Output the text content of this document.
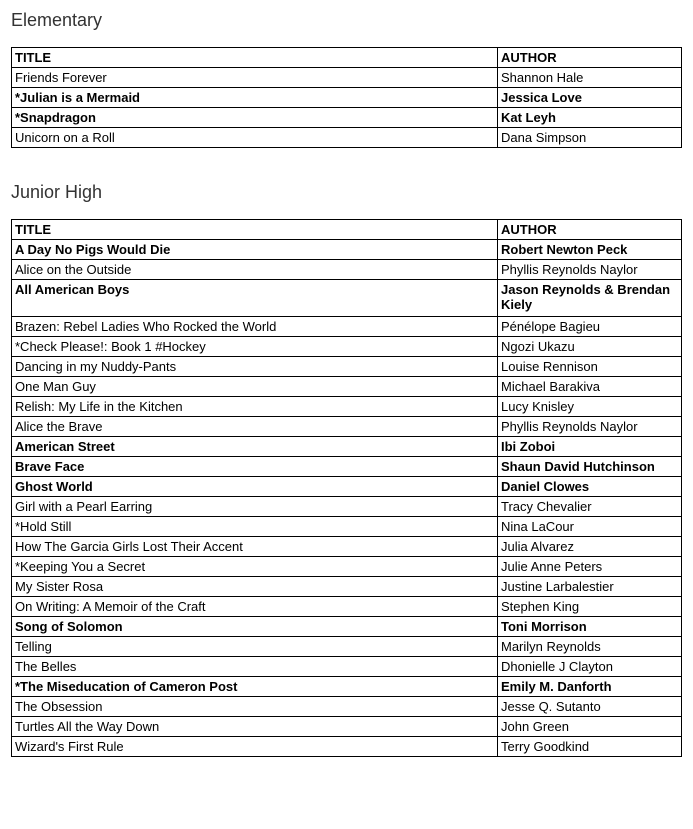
Elementary
TITLE	AUTHOR
Friends Forever	Shannon Hale
*Julian is a Mermaid	Jessica Love
*Snapdragon	Kat Leyh
Unicorn on a Roll	Dana Simpson
Junior High
TITLE	AUTHOR
A Day No Pigs Would Die	Robert Newton Peck
Alice on the Outside	Phyllis Reynolds Naylor
All American Boys	Jason Reynolds & Brendan Kiely
Brazen: Rebel Ladies Who Rocked the World	Pénélope Bagieu
*Check Please!: Book 1 #Hockey	Ngozi Ukazu
Dancing in my Nuddy-Pants	Louise Rennison
One Man Guy	Michael Barakiva
Relish: My Life in the Kitchen	Lucy Knisley
Alice the Brave	Phyllis Reynolds Naylor
American Street	Ibi Zoboi
Brave Face	Shaun David Hutchinson
Ghost World	Daniel Clowes
Girl with a Pearl Earring	Tracy Chevalier
*Hold Still	Nina LaCour
How The Garcia Girls Lost Their Accent	Julia Alvarez
*Keeping You a Secret	Julie Anne Peters
My Sister Rosa	Justine Larbalestier
On Writing: A Memoir of the Craft	Stephen King
Song of Solomon	Toni Morrison
Telling	Marilyn Reynolds
The Belles	Dhonielle J Clayton
*The Miseducation of Cameron Post	Emily M. Danforth
The Obsession	Jesse Q. Sutanto
Turtles All the Way Down	John Green
Wizard's First Rule	Terry Goodkind
